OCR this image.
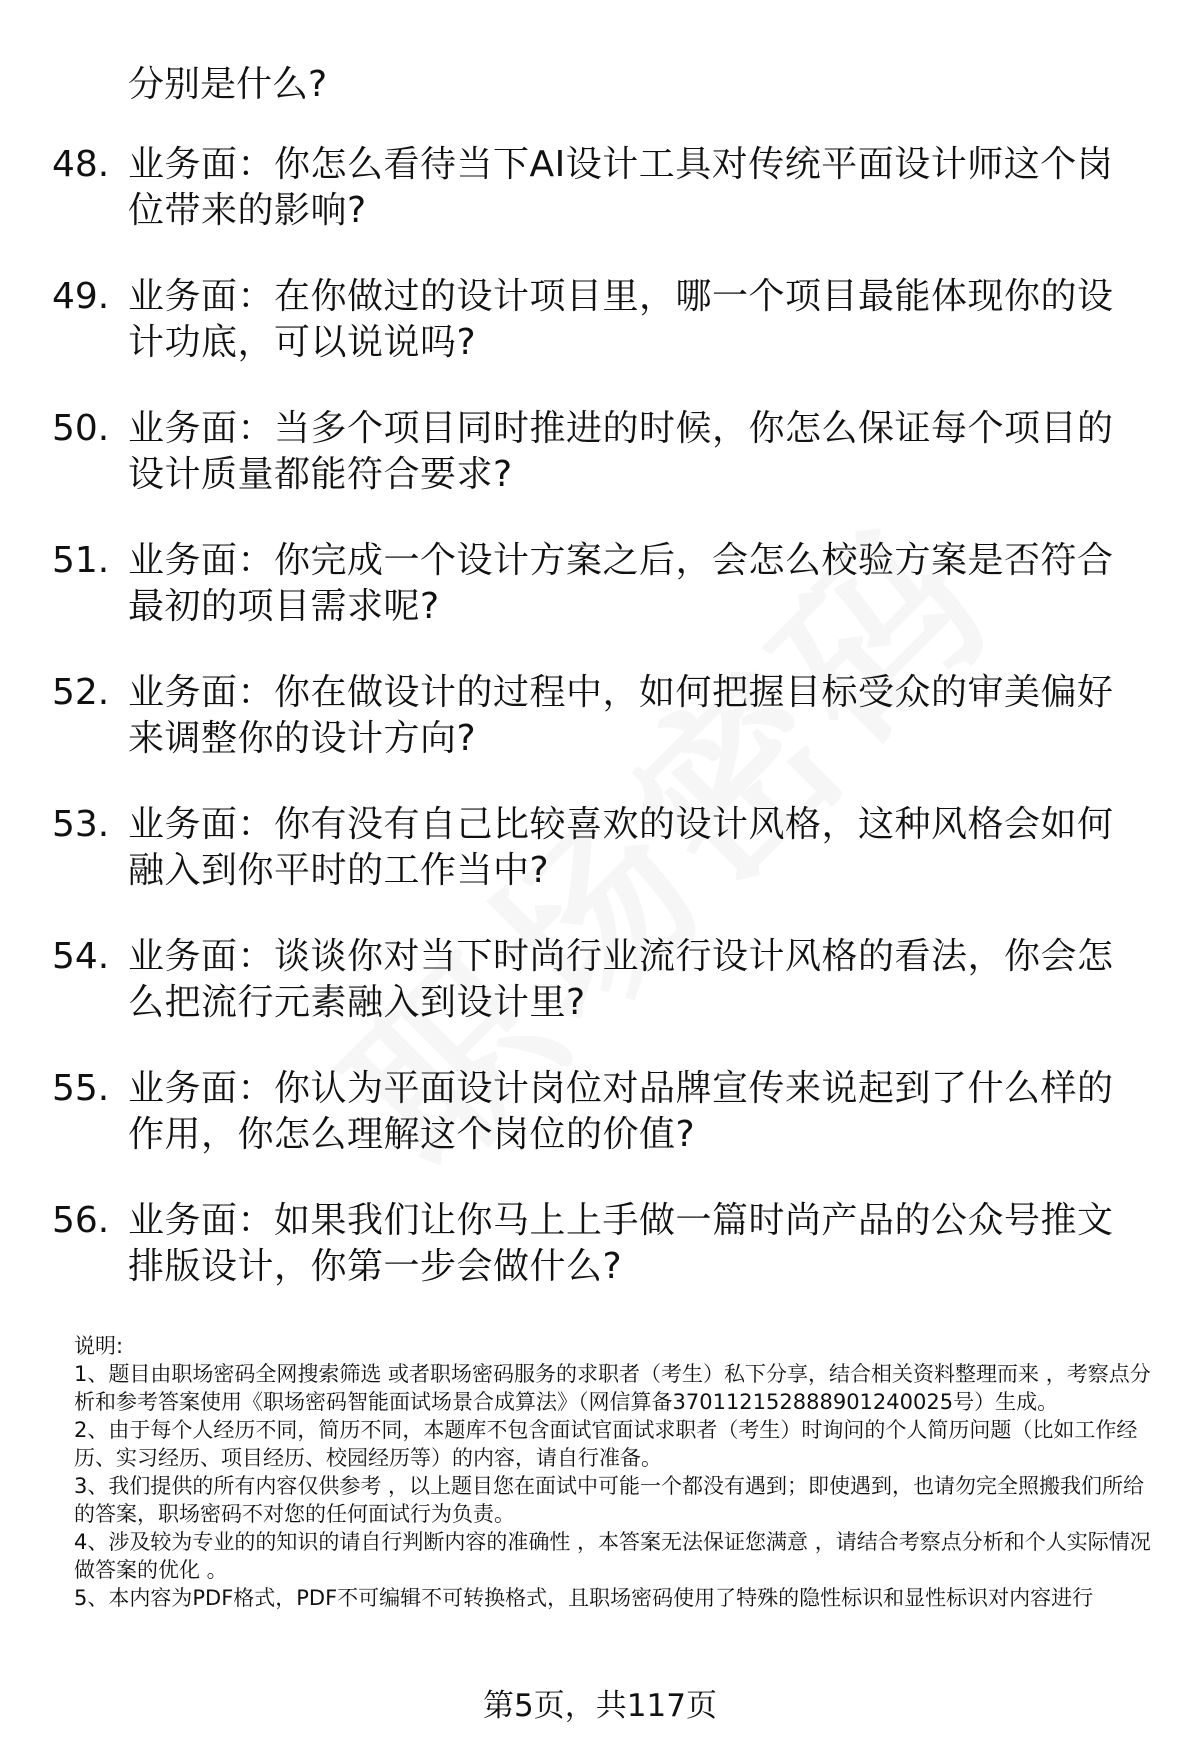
分别是什么?
48. 业务面：你怎么看待当下AI设计工具对传统平面设计师这个岗位带来的影响?
49. 业务面：在你做过的设计项目里，哪一个项目最能体现你的设计功底，可以说说吗?
50. 业务面：当多个项目同时推进的时候，你怎么保证每个项目的设计质量都能符合要求?
51. 业务面：你完成一个设计方案之后，会怎么校验方案是否符合最初的项目需求呢?
52. 业务面：你在做设计的过程中，如何把握目标受众的审美偏好来调整你的设计方向?
53. 业务面：你有没有自己比较喜欢的设计风格，这种风格会如何融入到你平时的工作当中?
54. 业务面：谈谈你对当下时尚行业流行设计风格的看法，你会怎么把流行元素融入到设计里?
55. 业务面：你认为平面设计岗位对品牌宣传来说起到了什么样的作用，你怎么理解这个岗位的价值?
56. 业务面：如果我们让你马上上手做一篇时尚产品的公众号推文排版设计，你第一步会做什么?

说明:

1、题目由职场密码全网搜索筛选 或者职场密码服务的求职者（考生）私下分享，结合相关资料整理而来 ，考察点分析和参考答案使用《职场密码智能面试场景合成算法》（网信算备370112152888901240025号）生成。

2、由于每个人经历不同，简历不同，本题库不包含面试官面试求职者（考生）时询问的个人简历问题（比如工作经历、实习经历、项目经历、校园经历等）的内容，请自行准备。

3、我们提供的所有内容仅供参考 ，以上题目您在面试中可能一个都没有遇到；即使遇到，也请勿完全照搬我们所给的答案，职场密码不对您的任何面试行为负责。

4、涉及较为专业的的知识的请自行判断内容的准确性 ，本答案无法保证您满意 ，请结合考察点分析和个人实际情况做答案的优化 。

5、本内容为PDF格式，PDF不可编辑不可转换格式，且职场密码使用了特殊的隐性标识和显性标识对内容进行

第5页，共117页
